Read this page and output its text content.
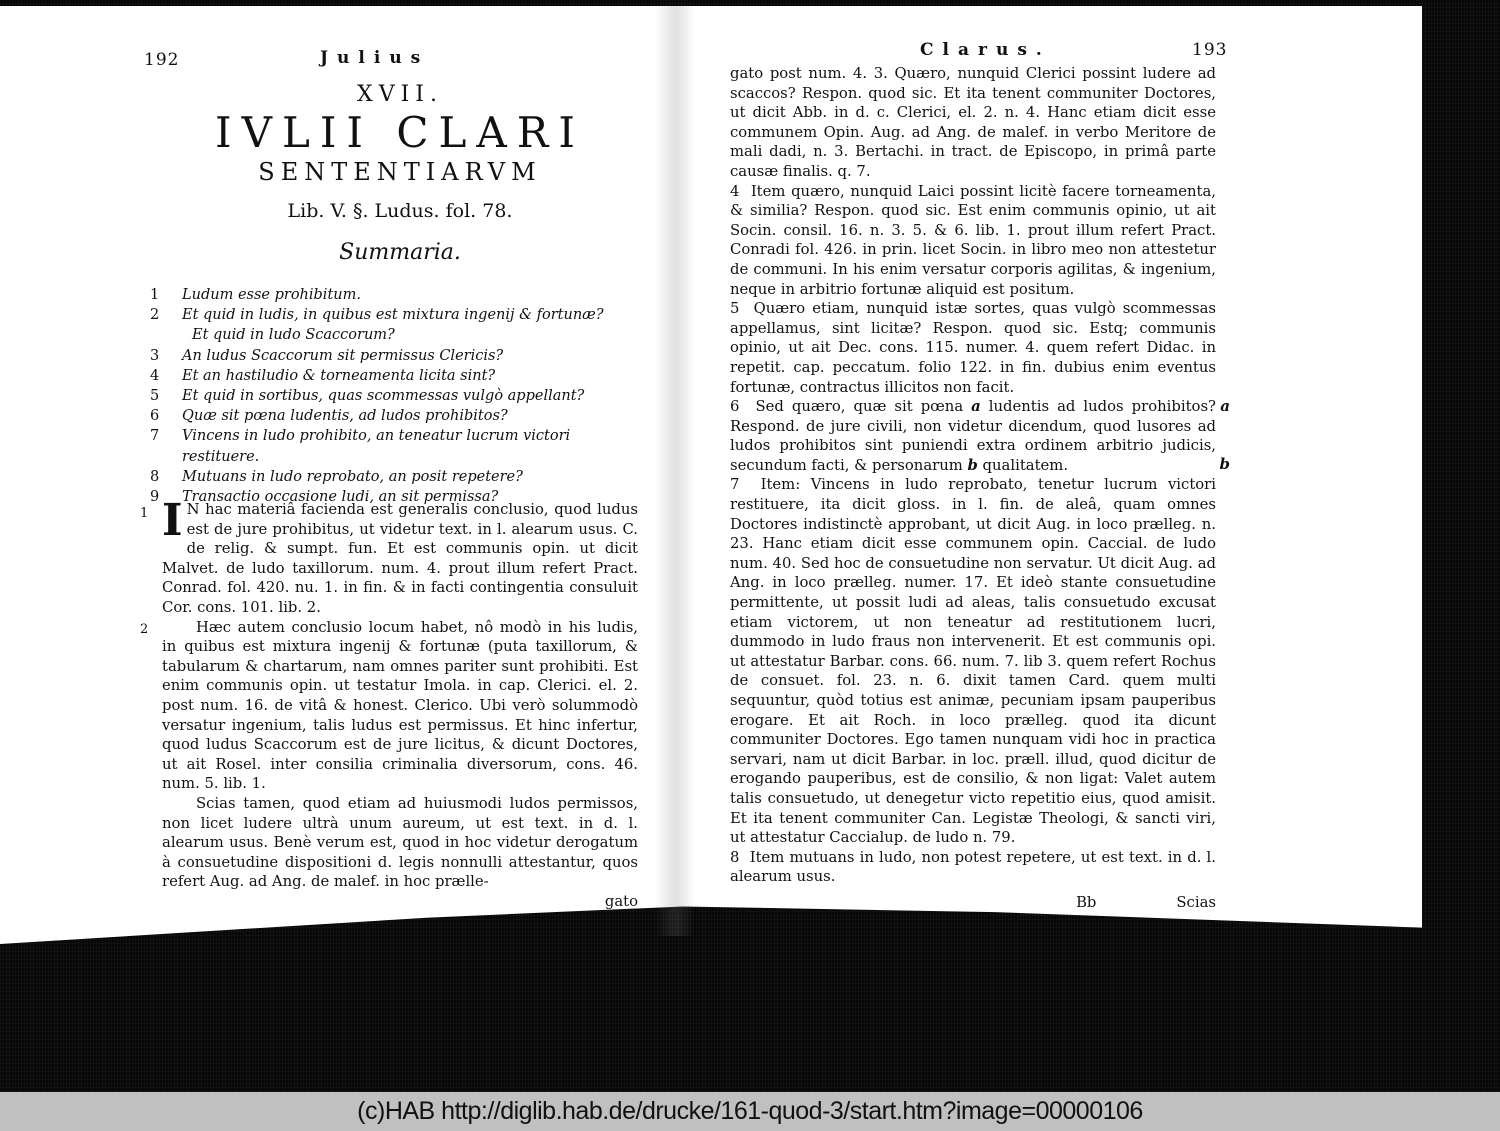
192	Julius
XVII.
IVLII CLARI
SENTENTIARVM
Lib. V. §. Ludus. fol. 78.
Summaria.
1	Ludum esse prohibitum.
2	Et quid in ludis, in quibus est mixtura ingenij & fortunæ?
Et quid in ludo Scaccorum?
3	An ludus Scaccorum sit permissus Clericis?
4	Et an hastiludio & torneamenta licita sint?
5	Et quid in sortibus, quas scommessas vulgò appellant?
6	Quæ sit pœna ludentis, ad ludos prohibitos?
7	Vincens in ludo prohibito, an teneatur lucrum victori restituere.
8	Mutuans in ludo reprobato, an posit repetere?
9	Transactio occasione ludi, an sit permissa?

1 I N hac materiâ facienda est generalis conclusio, quod ludus est de jure prohibitus, ut videtur text. in l. alearum usus. C. de relig. & sumpt. fun. Et est communis opin. ut dicit Malvet. de ludo taxillorum. num. 4. prout illum refert Pract. Conrad. fol. 420. nu. 1. in fin. & in facti contingentia consuluit Cor. cons. 101. lib. 2.

2	Hæc autem conclusio locum habet, nô modò in his ludis, in quibus est mixtura ingenij & fortunæ (puta taxillorum, & tabularum & chartarum, nam omnes pariter sunt prohibiti. Est enim communis opin. ut testatur Imola. in cap. Clerici. el. 2. post num. 16. de vitâ & honest. Clerico. Ubi verò solummodò versatur ingenium, talis ludus est permissus. Et hinc infertur, quod ludus Scaccorum est de jure licitus, & dicunt Doctores, ut ait Rosel. inter consilia criminalia diversorum, cons. 46. num. 5. lib. 1.

Scias tamen, quod etiam ad huiusmodi ludos permissos, non licet ludere ultrà unum aureum, ut est text. in d. l. alearum usus. Benè verum est, quod in hoc videtur derogatum à consuetudine dispositioni d. legis nonnulli attestantur, quos refert Aug. ad Ang. de malef. in hoc prælle-

gato
Clarus.	193

gato post num. 4. 3. Quæro, nunquid Clerici possint ludere ad scaccos? Respon. quod sic. Et ita tenent communiter Doctores, ut dicit Abb. in d. c. Clerici, el. 2. n. 4. Hanc etiam dicit esse communem Opin. Aug. ad Ang. de malef. in verbo Meritore de mali dadi, n. 3. Bertachi. in tract. de Episcopo, in primâ parte causæ finalis. q. 7.

4 Item quæro, nunquid Laici possint licitè facere torneamenta, & similia? Respon. quod sic. Est enim communis opinio, ut ait Socin. consil. 16. n. 3. 5. & 6. lib. 1. prout illum refert Pract. Conradi fol. 426. in prin. licet Socin. in libro meo non attestetur de communi. In his enim versatur corporis agilitas, & ingenium, neque in arbitrio fortunæ aliquid est positum.

5 Quæro etiam, nunquid istæ sortes, quas vulgò scommessas appellamus, sint licitæ? Respon. quod sic. Estq; communis opinio, ut ait Dec. cons. 115. numer. 4. quem refert Didac. in repetit. cap. peccatum. folio 122. in fin. dubius enim eventus fortunæ, contractus illicitos non facit.

6 Sed quæro, quæ sit pœna a ludentis ad ludos prohibitos? Respond. de jure civili, non videtur dicendum, quod lusores ad ludos prohibitos sint puniendi extra ordinem arbitrio judicis, secundum facti, & personarum b qualitatem.
a
b

7 Item: Vincens in ludo reprobato, tenetur lucrum victori restituere, ita dicit gloss. in l. fin. de aleâ, quam omnes Doctores indistinctè approbant, ut dicit Aug. in loco prælleg. n. 23. Hanc etiam dicit esse communem opin. Caccial. de ludo num. 40. Sed hoc de consuetudine non servatur. Ut dicit Aug. ad Ang. in loco prælleg. numer. 17. Et ideò stante consuetudine permittente, ut possit ludi ad aleas, talis consuetudo excusat etiam victorem, ut non teneatur ad restitutionem lucri, dummodo in ludo fraus non intervenerit. Et est communis opi. ut attestatur Barbar. cons. 66. num. 7. lib 3. quem refert Rochus de consuet. fol. 23. n. 6. dixit tamen Card. quem multi sequuntur, quòd totius est animæ, pecuniam ipsam pauperibus erogare. Et ait Roch. in loco prælleg. quod ita dicunt communiter Doctores. Ego tamen nunquam vidi hoc in practica servari, nam ut dicit Barbar. in loc. præll. illud, quod dicitur de erogando pauperibus, est de consilio, & non ligat: Valet autem talis consuetudo, ut denegetur victo repetitio eius, quod amisit. Et ita tenent communiter Can. Legistæ Theologi, & sancti viri, ut attestatur Caccialup. de ludo n. 79.

8 Item mutuans in ludo, non potest repetere, ut est text. in d. l. alearum usus.

Bb	Scias
(c)HAB http://diglib.hab.de/drucke/161-quod-3/start.htm?image=00000106
